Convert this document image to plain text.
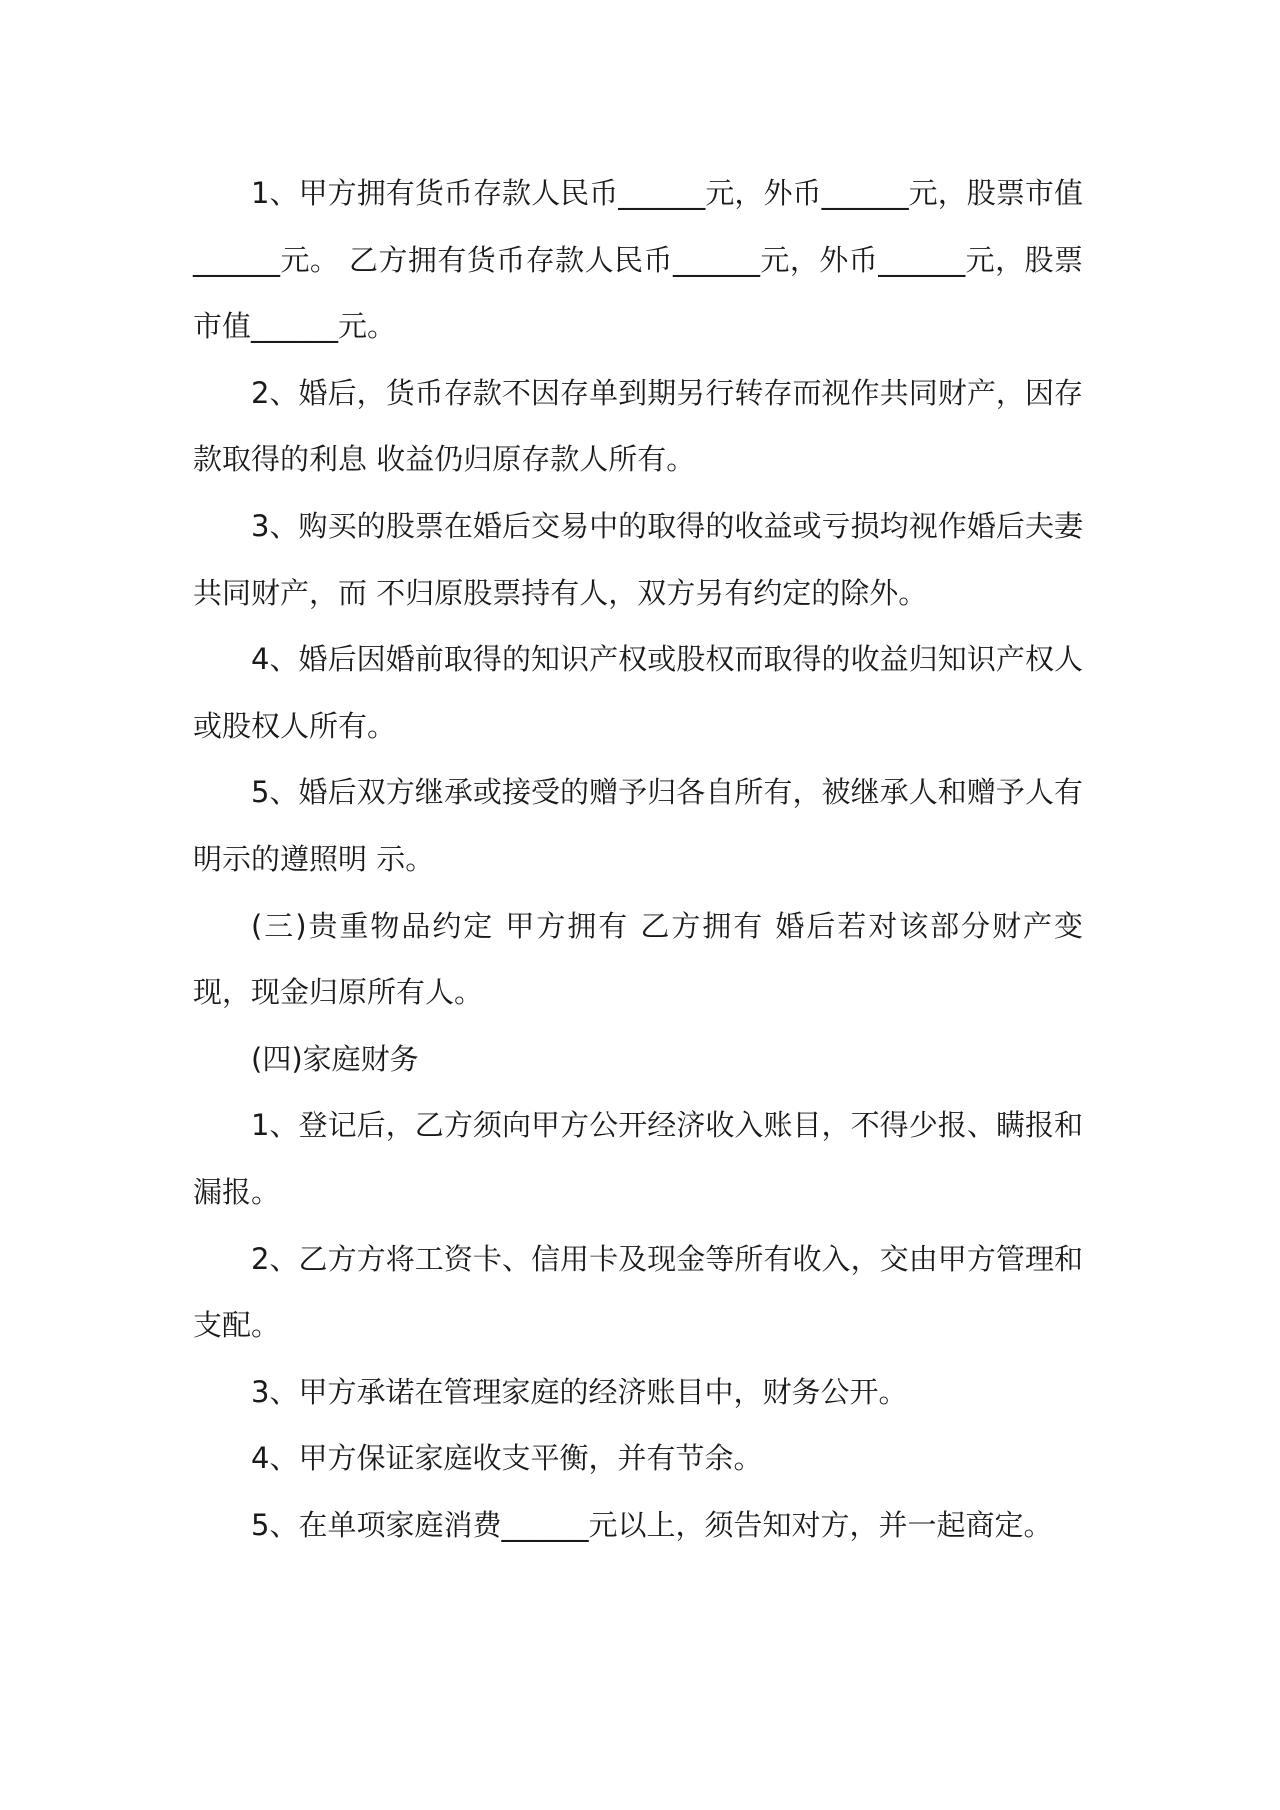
1、甲方拥有货币存款人民币______元，外币______元，股票市值______元。 乙方拥有货币存款人民币______元，外币______元，股票市值______元。

2、婚后，货币存款不因存单到期另行转存而视作共同财产，因存款取得的利息 收益仍归原存款人所有。

3、购买的股票在婚后交易中的取得的收益或亏损均视作婚后夫妻共同财产，而 不归原股票持有人，双方另有约定的除外。

4、婚后因婚前取得的知识产权或股权而取得的收益归知识产权人或股权人所有。

5、婚后双方继承或接受的赠予归各自所有，被继承人和赠予人有明示的遵照明 示。

(三)贵重物品约定 甲方拥有 乙方拥有 婚后若对该部分财产变现，现金归原所有人。

(四)家庭财务

1、登记后，乙方须向甲方公开经济收入账目，不得少报、瞒报和漏报。

2、乙方方将工资卡、信用卡及现金等所有收入，交由甲方管理和支配。

3、甲方承诺在管理家庭的经济账目中，财务公开。

4、甲方保证家庭收支平衡，并有节余。

5、在单项家庭消费______元以上，须告知对方，并一起商定。
